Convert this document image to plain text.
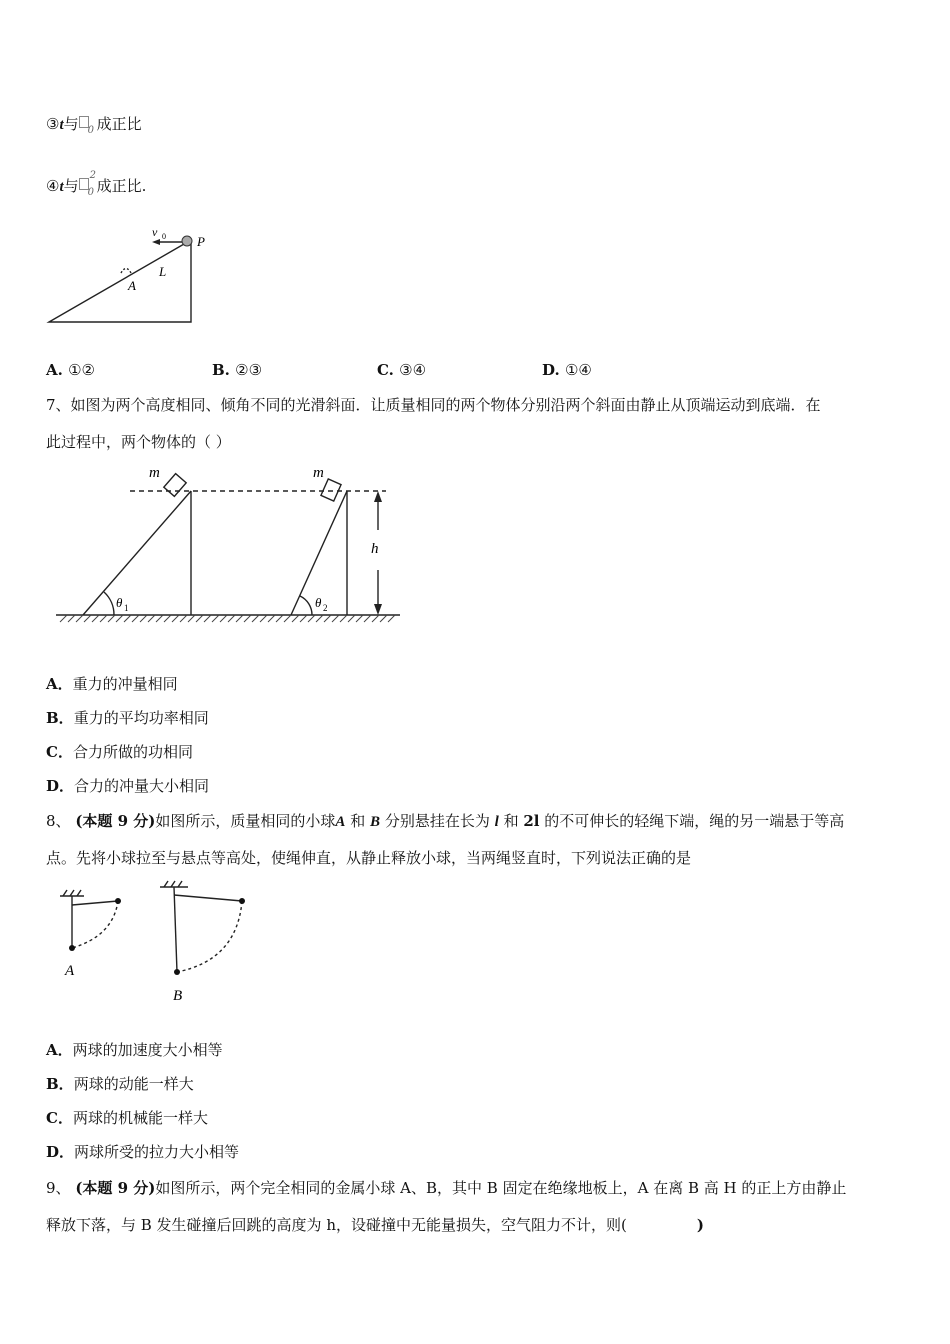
③t与 0 成正比
④t与 0
2
成正比.
v 0 P
L
A
A. ①②	B. ②③	C. ③④	D. ①④
7、如图为两个高度相同、倾角不同的光滑斜面．让质量相同的两个物体分别沿两个斜面由静止从顶端运动到底端．在
此过程中，两个物体的（ ）
m	m
h
θ 1	θ 2
A．重力的冲量相同
B．重力的平均功率相同
C．合力所做的功相同
D．合力的冲量大小相同
8、 (本题 9 分)如图所示，质量相同的小球A 和 B 分别悬挂在长为 l 和 2l 的不可伸长的轻绳下端，绳的另一端悬于等高
点。先将小球拉至与悬点等高处，使绳伸直，从静止释放小球，当两绳竖直时，下列说法正确的是
A
B
A．两球的加速度大小相等
B．两球的动能一样大
C．两球的机械能一样大
D．两球所受的拉力大小相等
9、 (本题 9 分)如图所示，两个完全相同的金属小球 A、B，其中 B 固定在绝缘地板上，A 在离 B 高 H 的正上方由静止
释放下落，与 B 发生碰撞后回跳的高度为 h，设碰撞中无能量损失，空气阻力不计，则(	)
